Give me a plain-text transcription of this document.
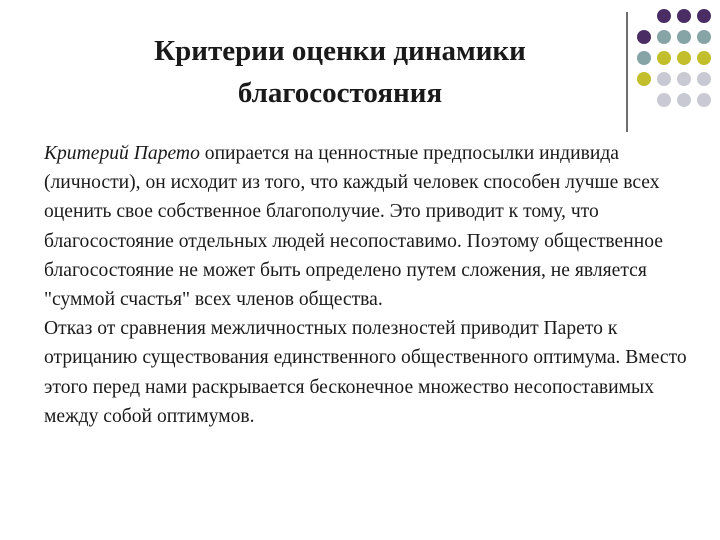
Критерии оценки динамики
благосостояния

Критерий Парето опирается на ценностные предпосылки индивида (личности), он исходит из того, что каждый человек способен лучше всех оценить свое собственное благополучие. Это приводит к тому, что благосостояние отдельных людей несопоставимо. Поэтому общественное благосостояние не может быть определено путем сложения, не является "суммой счастья" всех членов общества.

Отказ от сравнения межличностных полезностей приводит Парето к отрицанию существования единственного общественного оптимума. Вместо этого перед нами раскрывается бесконечное множество несопоставимых между собой оптимумов.
